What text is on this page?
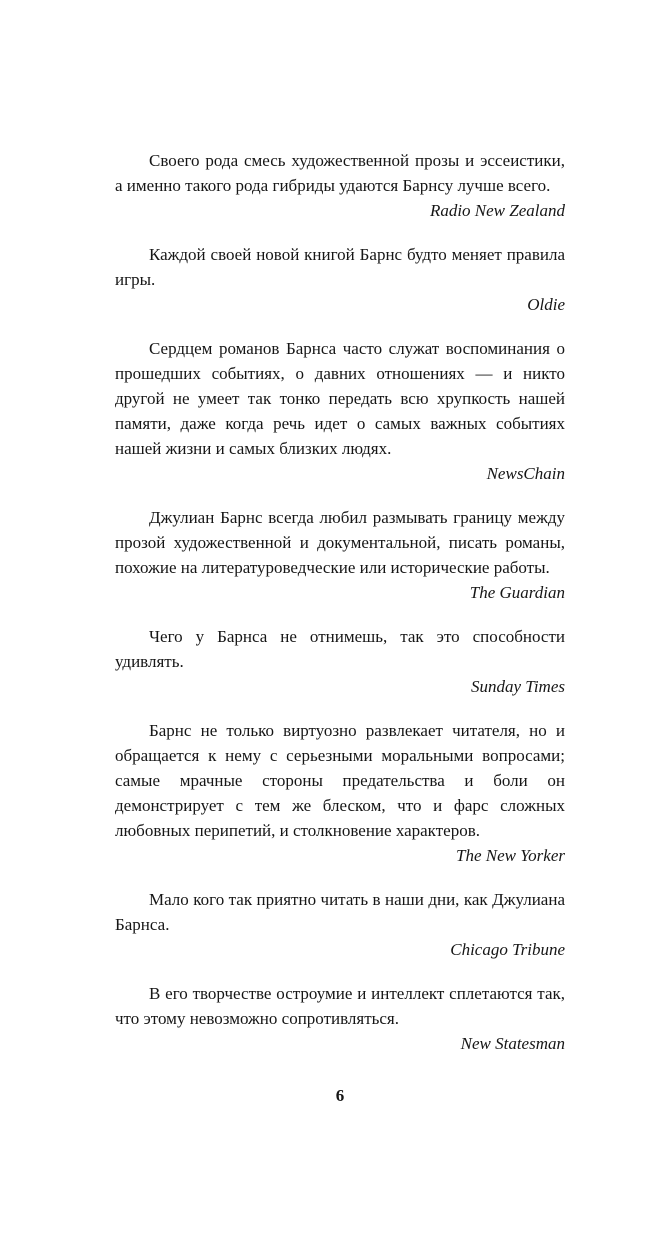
Своего рода смесь художественной прозы и эссеистики, а именно такого рода гибриды удаются Барнсу лучше всего.

Radio New Zealand

Каждой своей новой книгой Барнс будто меняет правила игры.

Oldie

Сердцем романов Барнса часто служат воспоминания о прошедших событиях, о давних отношениях — и никто другой не умеет так тонко передать всю хрупкость нашей памяти, даже когда речь идет о самых важных событиях нашей жизни и самых близких людях.

NewsChain

Джулиан Барнс всегда любил размывать границу между прозой художественной и документальной, писать романы, похожие на литературоведческие или исторические работы.

The Guardian

Чего у Барнса не отнимешь, так это способности удивлять.

Sunday Times

Барнс не только виртуозно развлекает читателя, но и обращается к нему с серьезными моральными вопросами; самые мрачные стороны предательства и боли он демонстрирует с тем же блеском, что и фарс сложных любовных перипетий, и столкновение характеров.

The New Yorker

Мало кого так приятно читать в наши дни, как Джулиана Барнса.

Chicago Tribune

В его творчестве остроумие и интеллект сплетаются так, что этому невозможно сопротивляться.

New Statesman

6
